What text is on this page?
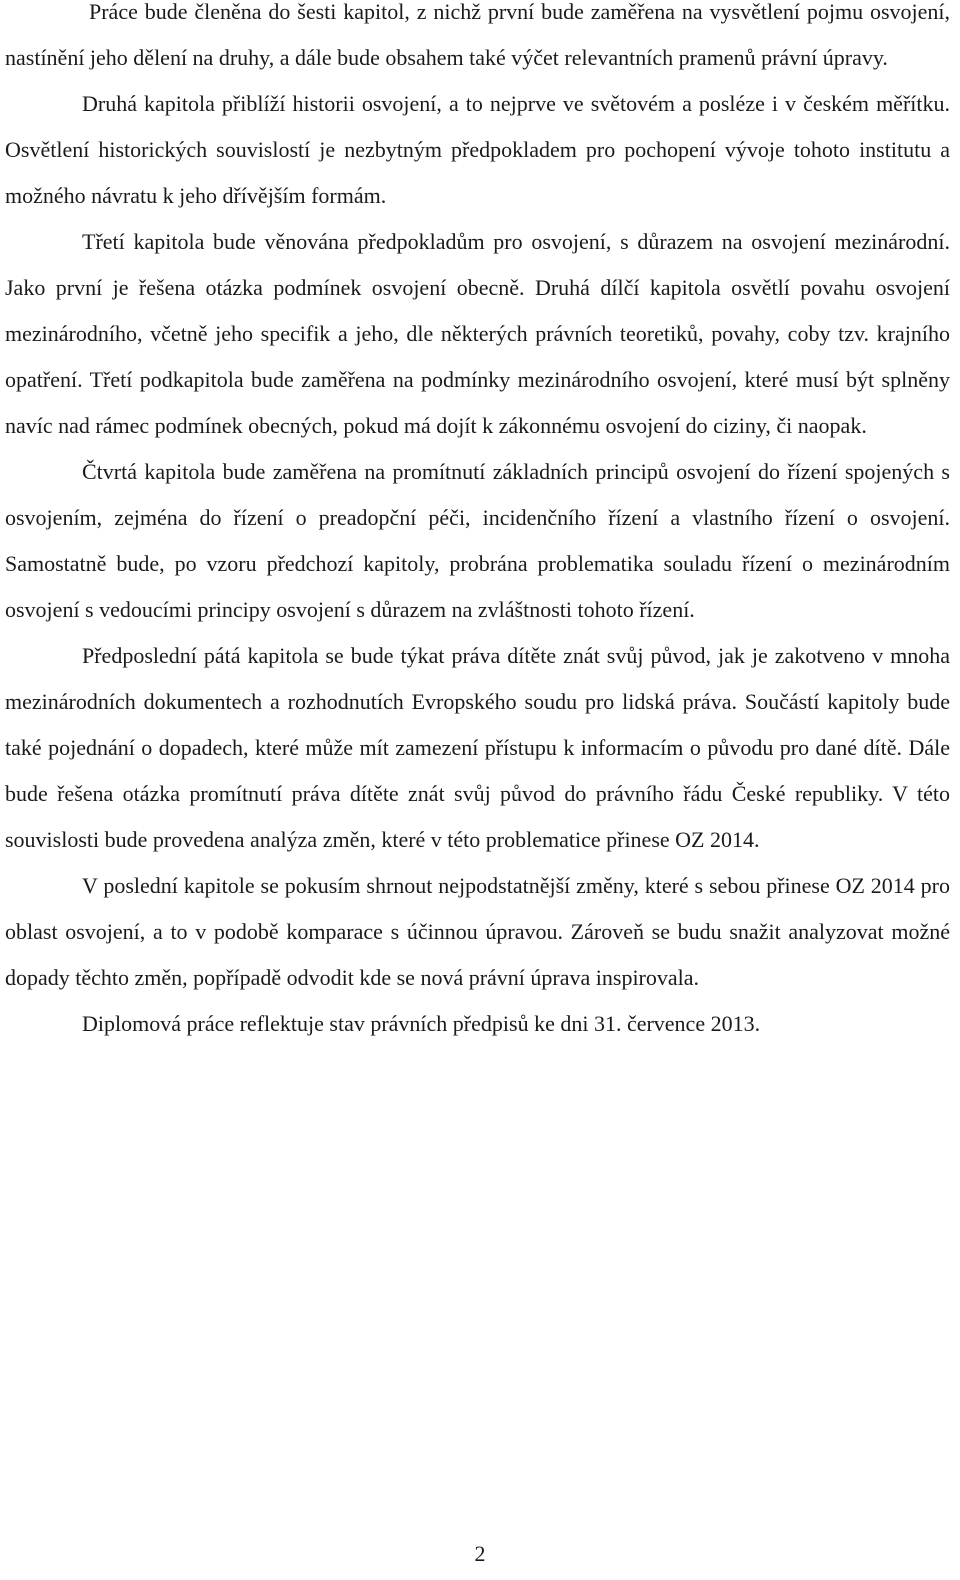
Práce bude členěna do šesti kapitol, z nichž první bude zaměřena na vysvětlení pojmu osvojení, nastínění jeho dělení na druhy, a dále bude obsahem také výčet relevantních pramenů právní úpravy.

Druhá kapitola přiblíží historii osvojení, a to nejprve ve světovém a posléze i v českém měřítku. Osvětlení historických souvislostí je nezbytným předpokladem pro pochopení vývoje tohoto institutu a možného návratu k jeho dřívějším formám.

Třetí kapitola bude věnována předpokladům pro osvojení, s důrazem na osvojení mezinárodní. Jako první je řešena otázka podmínek osvojení obecně. Druhá dílčí kapitola osvětlí povahu osvojení mezinárodního, včetně jeho specifik a jeho, dle některých právních teoretiků, povahy, coby tzv. krajního opatření. Třetí podkapitola bude zaměřena na podmínky mezinárodního osvojení, které musí být splněny navíc nad rámec podmínek obecných, pokud má dojít k zákonnému osvojení do ciziny, či naopak.

Čtvrtá kapitola bude zaměřena na promítnutí základních principů osvojení do řízení spojených s osvojením, zejména do řízení o preadopční péči, incidenčního řízení a vlastního řízení o osvojení. Samostatně bude, po vzoru předchozí kapitoly, probrána problematika souladu řízení o mezinárodním osvojení s vedoucími principy osvojení s důrazem na zvláštnosti tohoto řízení.

Předposlední pátá kapitola se bude týkat práva dítěte znát svůj původ, jak je zakotveno v mnoha mezinárodních dokumentech a rozhodnutích Evropského soudu pro lidská práva. Součástí kapitoly bude také pojednání o dopadech, které může mít zamezení přístupu k informacím o původu pro dané dítě. Dále bude řešena otázka promítnutí práva dítěte znát svůj původ do právního řádu České republiky. V této souvislosti bude provedena analýza změn, které v této problematice přinese OZ 2014.

V poslední kapitole se pokusím shrnout nejpodstatnější změny, které s sebou přinese OZ 2014 pro oblast osvojení, a to v podobě komparace s účinnou úpravou. Zároveň se budu snažit analyzovat možné dopady těchto změn, popřípadě odvodit kde se nová právní úprava inspirovala.

Diplomová práce reflektuje stav právních předpisů ke dni 31. července 2013.

2
